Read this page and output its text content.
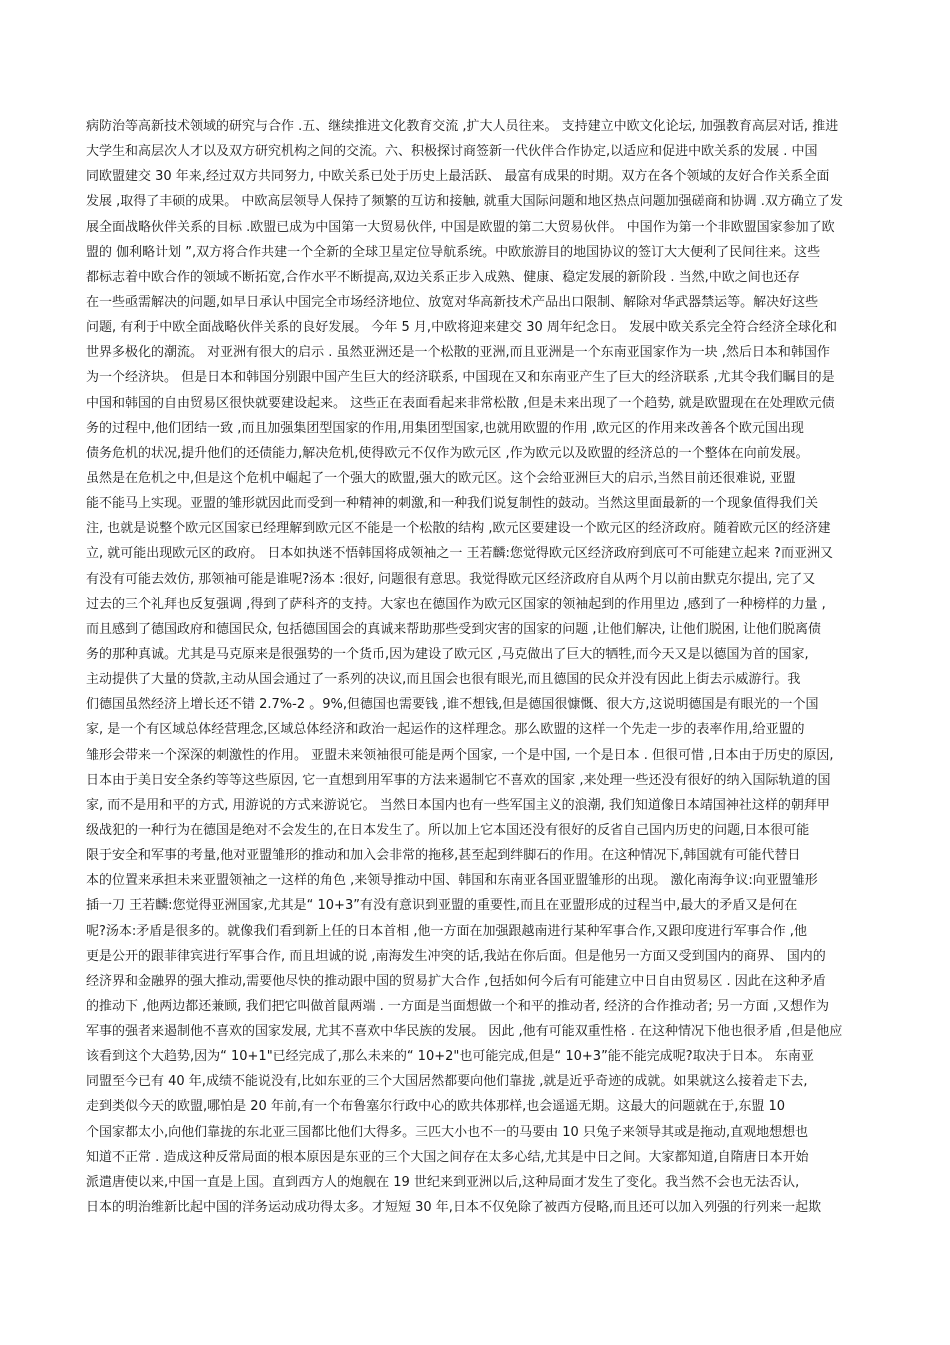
病防治等高新技术领域的研究与合作 .五、继续推进文化教育交流 ,扩大人员往来。 支持建立中欧文化论坛, 加强教育高层对话, 推进
大学生和高层次人才以及双方研究机构之间的交流。六、积极探讨商签新一代伙伴合作协定,以适应和促进中欧关系的发展 . 中国
同欧盟建交 30 年来,经过双方共同努力, 中欧关系已处于历史上最活跃、 最富有成果的时期。双方在各个领域的友好合作关系全面
发展 ,取得了丰硕的成果。 中欧高层领导人保持了频繁的互访和接触, 就重大国际问题和地区热点问题加强磋商和协调 .双方确立了发
展全面战略伙伴关系的目标 .欧盟已成为中国第一大贸易伙伴, 中国是欧盟的第二大贸易伙伴。 中国作为第一个非欧盟国家参加了欧
盟的 伽利略计划 ”,双方将合作共建一个全新的全球卫星定位导航系统。中欧旅游目的地国协议的签订大大便利了民间往来。这些
都标志着中欧合作的领域不断拓宽,合作水平不断提高,双边关系正步入成熟、健康、稳定发展的新阶段 . 当然,中欧之间也还存
在一些亟需解决的问题,如早日承认中国完全市场经济地位、放宽对华高新技术产品出口限制、解除对华武器禁运等。解决好这些
问题, 有利于中欧全面战略伙伴关系的良好发展。 今年 5 月,中欧将迎来建交 30 周年纪念日。 发展中欧关系完全符合经济全球化和
世界多极化的潮流。 对亚洲有很大的启示 . 虽然亚洲还是一个松散的亚洲,而且亚洲是一个东南亚国家作为一块 ,然后日本和韩国作
为一个经济块。 但是日本和韩国分别跟中国产生巨大的经济联系, 中国现在又和东南亚产生了巨大的经济联系 ,尤其令我们瞩目的是
中国和韩国的自由贸易区很快就要建设起来。 这些正在表面看起来非常松散 ,但是未来出现了一个趋势, 就是欧盟现在在处理欧元债
务的过程中,他们团结一致 ,而且加强集团型国家的作用,用集团型国家,也就用欧盟的作用 ,欧元区的作用来改善各个欧元国出现
债务危机的状况,提升他们的还债能力,解决危机,使得欧元不仅作为欧元区 ,作为欧元以及欧盟的经济总的一个整体在向前发展。
虽然是在危机之中,但是这个危机中崛起了一个强大的欧盟,强大的欧元区。这个会给亚洲巨大的启示,当然目前还很难说, 亚盟
能不能马上实现。亚盟的雏形就因此而受到一种精神的刺激,和一种我们说复制性的鼓动。当然这里面最新的一个现象值得我们关
注, 也就是说整个欧元区国家已经理解到欧元区不能是一个松散的结构 ,欧元区要建设一个欧元区的经济政府。随着欧元区的经济建
立, 就可能出现欧元区的政府。 日本如执迷不悟韩国将成领袖之一 王若麟:您觉得欧元区经济政府到底可不可能建立起来 ?而亚洲又
有没有可能去效仿, 那领袖可能是谁呢?汤本 :很好, 问题很有意思。我觉得欧元区经济政府自从两个月以前由默克尔提出, 完了又
过去的三个礼拜也反复强调 ,得到了萨科齐的支持。大家也在德国作为欧元区国家的领袖起到的作用里边 ,感到了一种榜样的力量 ,
而且感到了德国政府和德国民众, 包括德国国会的真诚来帮助那些受到灾害的国家的问题 ,让他们解决, 让他们脱困, 让他们脱离债
务的那种真诚。尤其是马克原来是很强势的一个货币,因为建设了欧元区 ,马克做出了巨大的牺牲,而今天又是以德国为首的国家,
主动提供了大量的贷款,主动从国会通过了一系列的决议,而且国会也很有眼光,而且德国的民众并没有因此上街去示威游行。我
们德国虽然经济上增长还不错 2.7%-2 。9%,但德国也需要钱 ,谁不想钱,但是德国很慷慨、很大方,这说明德国是有眼光的一个国
家, 是一个有区域总体经营理念,区域总体经济和政治一起运作的这样理念。那么欧盟的这样一个先走一步的表率作用,给亚盟的
雏形会带来一个深深的刺激性的作用。 亚盟未来领袖很可能是两个国家, 一个是中国, 一个是日本 . 但很可惜 ,日本由于历史的原因,
日本由于美日安全条约等等这些原因, 它一直想到用军事的方法来遏制它不喜欢的国家 ,来处理一些还没有很好的纳入国际轨道的国
家, 而不是用和平的方式, 用游说的方式来游说它。 当然日本国内也有一些军国主义的浪潮, 我们知道像日本靖国神社这样的朝拜甲
级战犯的一种行为在德国是绝对不会发生的,在日本发生了。所以加上它本国还没有很好的反省自己国内历史的问题,日本很可能
限于安全和军事的考量,他对亚盟雏形的推动和加入会非常的拖移,甚至起到绊脚石的作用。在这种情况下,韩国就有可能代替日
本的位置来承担未来亚盟领袖之一这样的角色 ,来领导推动中国、韩国和东南亚各国亚盟雏形的出现。 激化南海争议:向亚盟雏形
插一刀 王若麟:您觉得亚洲国家,尤其是“ 10+3”有没有意识到亚盟的重要性,而且在亚盟形成的过程当中,最大的矛盾又是何在
呢?汤本:矛盾是很多的。就像我们看到新上任的日本首相 ,他一方面在加强跟越南进行某种军事合作,又跟印度进行军事合作 ,他
更是公开的跟菲律宾进行军事合作, 而且坦诚的说 ,南海发生冲突的话,我站在你后面。但是他另一方面又受到国内的商界、 国内的
经济界和金融界的强大推动,需要他尽快的推动跟中国的贸易扩大合作 ,包括如何今后有可能建立中日自由贸易区 . 因此在这种矛盾
的推动下 ,他两边都还兼顾, 我们把它叫做首鼠两端 . 一方面是当面想做一个和平的推动者, 经济的合作推动者; 另一方面 ,又想作为
军事的强者来遏制他不喜欢的国家发展, 尤其不喜欢中华民族的发展。 因此 ,他有可能双重性格 . 在这种情况下他也很矛盾 ,但是他应
该看到这个大趋势,因为“ 10+1"已经完成了,那么未来的“ 10+2"也可能完成,但是“ 10+3”能不能完成呢?取决于日本。 东南亚
同盟至今已有 40 年,成绩不能说没有,比如东亚的三个大国居然都要向他们靠拢 ,就是近乎奇迹的成就。如果就这么接着走下去,
走到类似今天的欧盟,哪怕是 20 年前,有一个布鲁塞尔行政中心的欧共体那样,也会遥遥无期。这最大的问题就在于,东盟 10
个国家都太小,向他们靠拢的东北亚三国都比他们大得多。三匹大小也不一的马要由 10 只兔子来领导其或是拖动,直观地想想也
知道不正常 . 造成这种反常局面的根本原因是东亚的三个大国之间存在太多心结,尤其是中日之间。大家都知道,自隋唐日本开始
派遣唐使以来,中国一直是上国。直到西方人的炮舰在 19 世纪来到亚洲以后,这种局面才发生了变化。我当然不会也无法否认,
日本的明治维新比起中国的洋务运动成功得太多。才短短 30 年,日本不仅免除了被西方侵略,而且还可以加入列强的行列来一起欺
